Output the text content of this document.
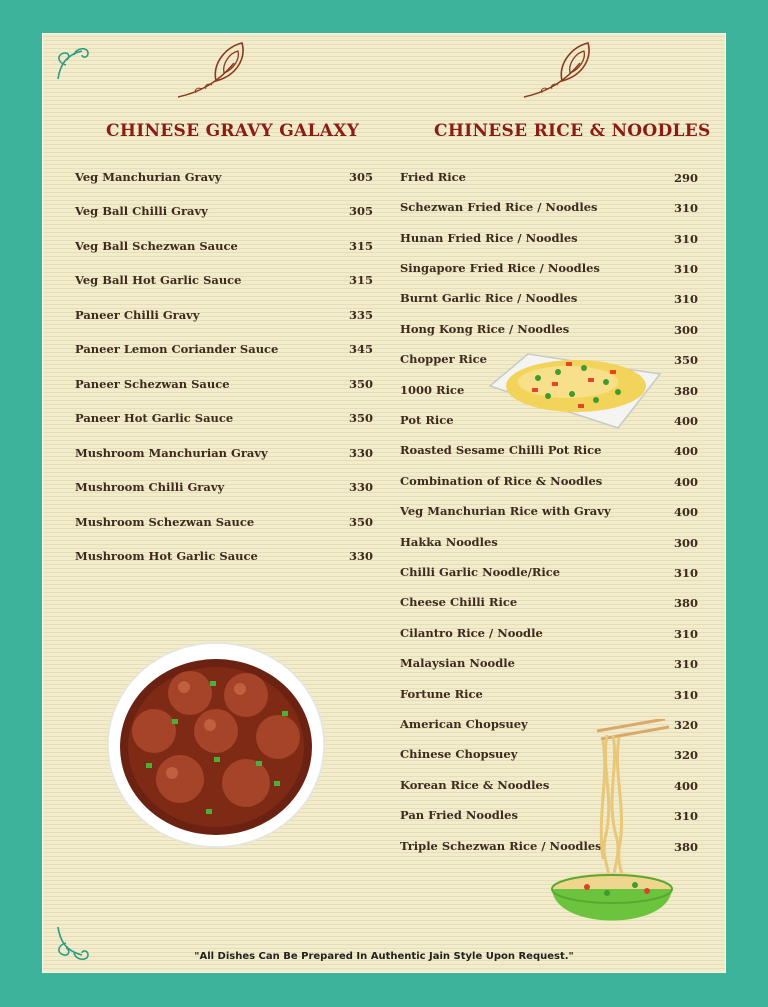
CHINESE GRAVY GALAXY	CHINESE RICE & NOODLES
Veg Manchurian Gravy	305
Veg Ball Chilli Gravy	305
Veg Ball Schezwan Sauce	315
Veg Ball Hot Garlic Sauce	315
Paneer Chilli Gravy	335
Paneer Lemon Coriander Sauce	345
Paneer Schezwan Sauce	350
Paneer Hot Garlic Sauce	350
Mushroom Manchurian Gravy	330
Mushroom Chilli Gravy	330
Mushroom Schezwan Sauce	350
Mushroom Hot Garlic Sauce	330
Fried Rice	290
Schezwan Fried Rice / Noodles	310
Hunan Fried Rice / Noodles	310
Singapore Fried Rice / Noodles	310
Burnt Garlic Rice / Noodles	310
Hong Kong Rice / Noodles	300
Chopper Rice	350
1000 Rice	380
Pot Rice	400
Roasted Sesame Chilli Pot Rice	400
Combination of Rice & Noodles	400
Veg Manchurian Rice with Gravy	400
Hakka Noodles	300
Chilli Garlic Noodle/Rice	310
Cheese Chilli Rice	380
Cilantro Rice / Noodle	310
Malaysian Noodle	310
Fortune Rice	310
American Chopsuey	320
Chinese Chopsuey	320
Korean Rice & Noodles	400
Pan Fried Noodles	310
Triple Schezwan Rice / Noodles	380
"All Dishes Can Be Prepared In Authentic Jain Style Upon Request."
